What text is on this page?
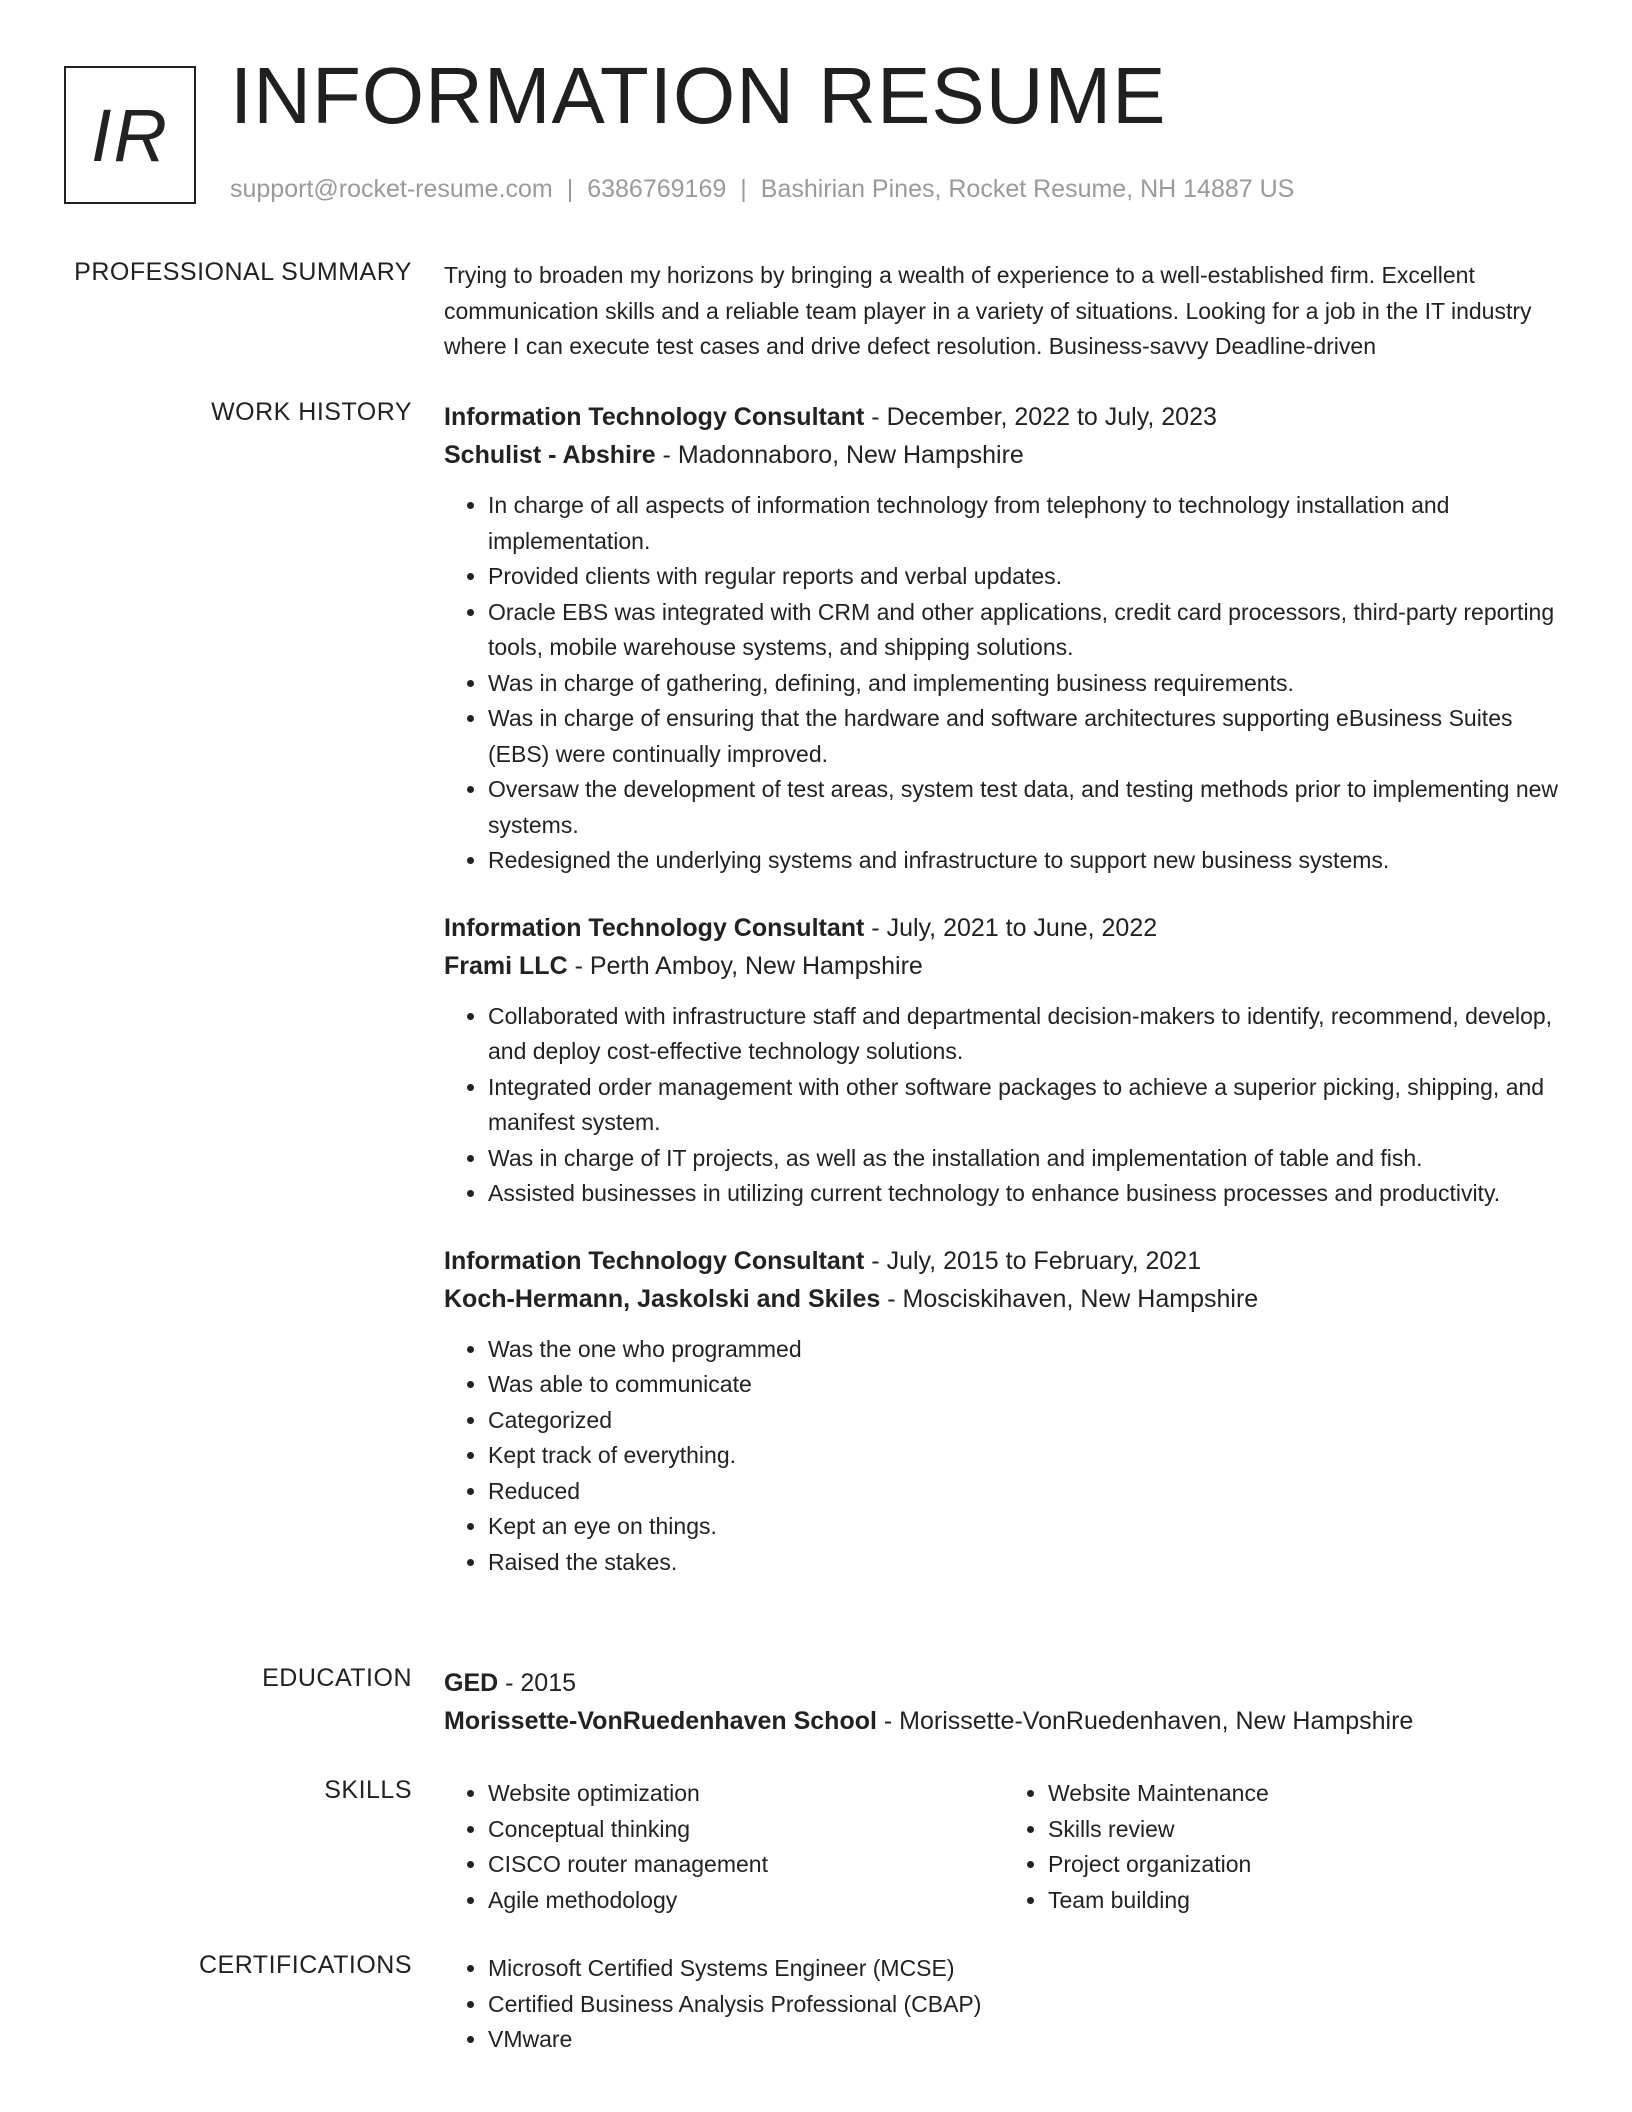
IR INFORMATION RESUME
support@rocket-resume.com | 6386769169 | Bashirian Pines, Rocket Resume, NH 14887 US
PROFESSIONAL SUMMARY Trying to broaden my horizons by bringing a wealth of experience to a well-established firm. Excellent communication skills and a reliable team player in a variety of situations. Looking for a job in the IT industry where I can execute test cases and drive defect resolution. Business-savvy Deadline-driven

WORK HISTORY Information Technology Consultant - December, 2022 to July, 2023
Schulist - Abshire - Madonnaboro, New Hampshire
• In charge of all aspects of information technology from telephony to technology installation and implementation.
• Provided clients with regular reports and verbal updates.
• Oracle EBS was integrated with CRM and other applications, credit card processors, third-party reporting tools, mobile warehouse systems, and shipping solutions.
• Was in charge of gathering, defining, and implementing business requirements.
• Was in charge of ensuring that the hardware and software architectures supporting eBusiness Suites (EBS) were continually improved.
• Oversaw the development of test areas, system test data, and testing methods prior to implementing new systems.
• Redesigned the underlying systems and infrastructure to support new business systems.
Information Technology Consultant - July, 2021 to June, 2022
Frami LLC - Perth Amboy, New Hampshire
• Collaborated with infrastructure staff and departmental decision-makers to identify, recommend, develop, and deploy cost-effective technology solutions.
• Integrated order management with other software packages to achieve a superior picking, shipping, and manifest system.
• Was in charge of IT projects, as well as the installation and implementation of table and fish.
• Assisted businesses in utilizing current technology to enhance business processes and productivity.
Information Technology Consultant - July, 2015 to February, 2021
Koch-Hermann, Jaskolski and Skiles - Mosciskihaven, New Hampshire
• Was the one who programmed
• Was able to communicate
• Categorized
• Kept track of everything.
• Reduced
• Kept an eye on things.
• Raised the stakes.
EDUCATION GED - 2015
Morissette-VonRuedenhaven School - Morissette-VonRuedenhaven, New Hampshire
SKILLS	• Website optimization
• Conceptual thinking
• CISCO router management
• Agile methodology
• Website Maintenance
• Skills review
• Project organization
• Team building
CERTIFICATIONS	• Microsoft Certified Systems Engineer (MCSE)
• Certified Business Analysis Professional (CBAP)
• VMware
